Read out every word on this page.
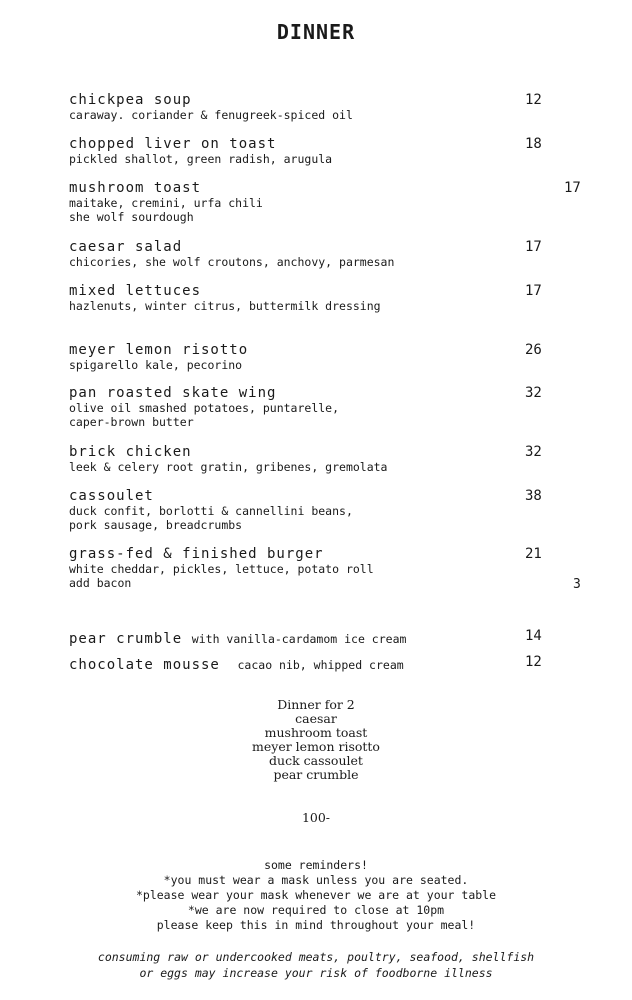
DINNER
chickpea soup
caraway. coriander & fenugreek-spiced oil
12
chopped liver on toast
pickled shallot, green radish, arugula
18
mushroom toast
maitake, cremini, urfa chili
she wolf sourdough
17
caesar salad
chicories, she wolf croutons, anchovy, parmesan
17
mixed lettuces
hazlenuts, winter citrus, buttermilk dressing
17
meyer lemon risotto
spigarello kale, pecorino
26
pan roasted skate wing
olive oil smashed potatoes, puntarelle,
caper-brown butter
32
brick chicken
leek & celery root gratin, gribenes, gremolata
32
cassoulet
duck confit, borlotti & cannellini beans,
pork sausage, breadcrumbs
38
grass-fed & finished burger
white cheddar, pickles, lettuce, potato roll
add bacon
21
3
pear crumble with vanilla-cardamom ice cream	14
chocolate mousse cacao nib, whipped cream	12
Dinner for 2
caesar
mushroom toast
meyer lemon risotto
duck cassoulet
pear crumble
100-
some reminders!
*you must wear a mask unless you are seated.
*please wear your mask whenever we are at your table
*we are now required to close at 10pm
please keep this in mind throughout your meal!
consuming raw or undercooked meats, poultry, seafood, shellfish
or eggs may increase your risk of foodborne illness
